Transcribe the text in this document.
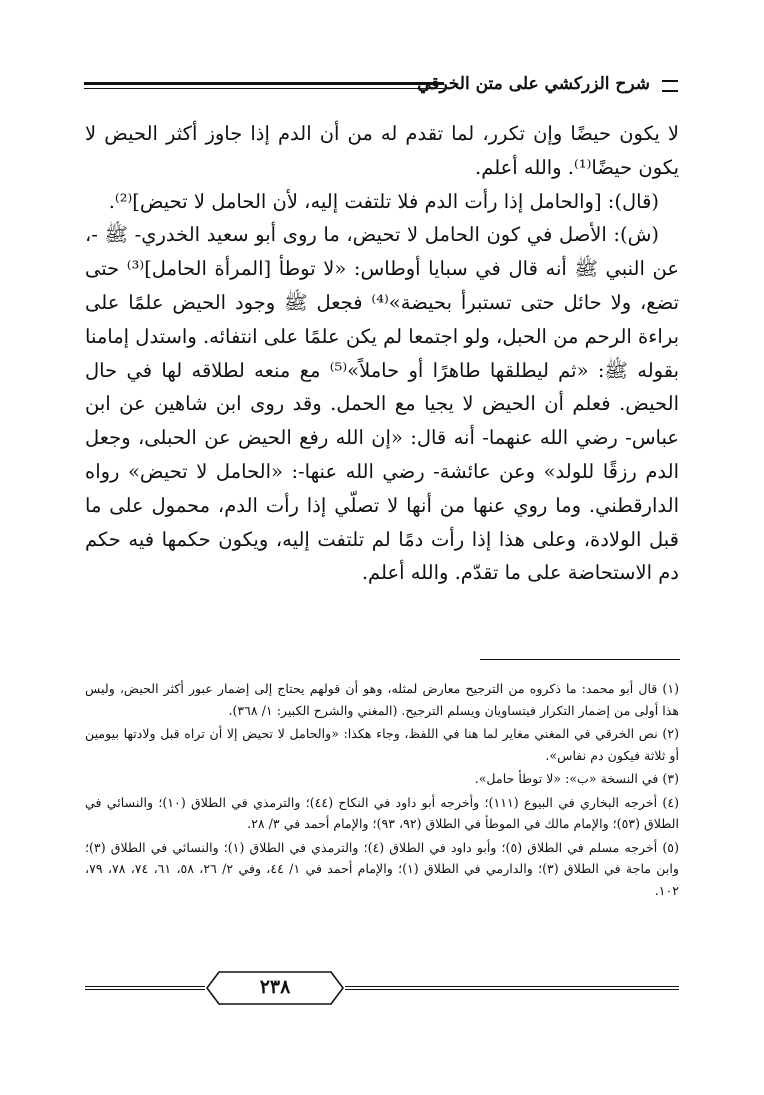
شرح الزركشي على متن الخرقي

لا يكون حيضًا وإن تكرر، لما تقدم له من أن الدم إذا جاوز أكثر الحيض لا يكون حيضًا⁽¹⁾. والله أعلم.

(قال): [والحامل إذا رأت الدم فلا تلتفت إليه، لأن الحامل لا تحيض]⁽²⁾.

(ش): الأصل في كون الحامل لا تحيض، ما روى أبو سعيد الخدري- ﷺ -، عن النبي ﷺ أنه قال في سبايا أوطاس: «لا توطأ [المرأة الحامل]⁽³⁾ حتى تضع، ولا حائل حتى تستبرأ بحيضة»⁽⁴⁾ فجعل ﷺ وجود الحيض علمًا على براءة الرحم من الحبل، ولو اجتمعا لم يكن علمًا على انتفائه. واستدل إمامنا بقوله ﷺ: «ثم ليطلقها طاهرًا أو حاملاً»⁽⁵⁾ مع منعه لطلاقه لها في حال الحيض. فعلم أن الحيض لا يجيا مع الحمل. وقد روى ابن شاهين عن ابن عباس- رضي الله عنهما- أنه قال: «إن الله رفع الحيض عن الحبلى، وجعل الدم رزقًا للولد» وعن عائشة- رضي الله عنها-: «الحامل لا تحيض» رواه الدارقطني. وما روي عنها من أنها لا تصلّي إذا رأت الدم، محمول على ما قبل الولادة، وعلى هذا إذا رأت دمًا لم تلتفت إليه، ويكون حكمها فيه حكم دم الاستحاضة على ما تقدّم. والله أعلم.

(١) قال أبو محمد: ما ذكروه من الترجيح معارض لمثله، وهو أن قولهم يحتاج إلى إضمار عبور أكثر الحيض، وليس هذا أولى من إضمار التكرار فيتساويان ويسلم الترجيح. (المغني والشرح الكبير: ١/ ٣٦٨).

(٢) نص الخرقي في المغني مغاير لما هنا في اللفظ، وجاء هكذا: «والحامل لا تحيض إلا أن تراه قبل ولادتها بيومين أو ثلاثة فيكون دم نفاس».

(٣) في النسخة «ب»: «لا توطأ حامل».

(٤) أخرجه البخاري في البيوع (١١١)؛ وأخرجه أبو داود في النكاح (٤٤)؛ والترمذي في الطلاق (١٠)؛ والنسائي في الطلاق (٥٣)؛ والإمام مالك في الموطأ في الطلاق (٩٢، ٩٣)؛ والإمام أحمد في ٣/ ٢٨.

(٥) أخرجه مسلم في الطلاق (٥)؛ وأبو داود في الطلاق (٤)؛ والترمذي في الطلاق (١)؛ والنسائي في الطلاق (٣)؛ وابن ماجة في الطلاق (٣)؛ والدارمي في الطلاق (١)؛ والإمام أحمد في ١/ ٤٤، وفي ٢/ ٢٦، ٥٨، ٦١، ٧٤، ٧٨، ٧٩، ١٠٢.

٢٣٨
